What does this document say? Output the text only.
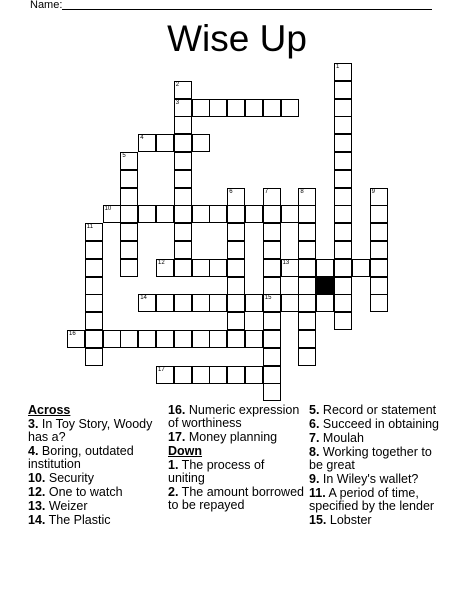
Name:
Wise Up
1
2
3
4
5
6	7	8	9
10
11
12	13
14	15
16
17
Across
3. In Toy Story, Woody has a?
4. Boring, outdated institution
10. Security
12. One to watch
13. Weizer
14. The Plastic
16. Numeric expression of worthiness
17. Money planning
Down
1. The process of uniting
2. The amount borrowed to be repayed
5. Record or statement
6. Succeed in obtaining
7. Moulah
8. Working together to be great
9. In Wiley's wallet?
11. A period of time, specified by the lender
15. Lobster
